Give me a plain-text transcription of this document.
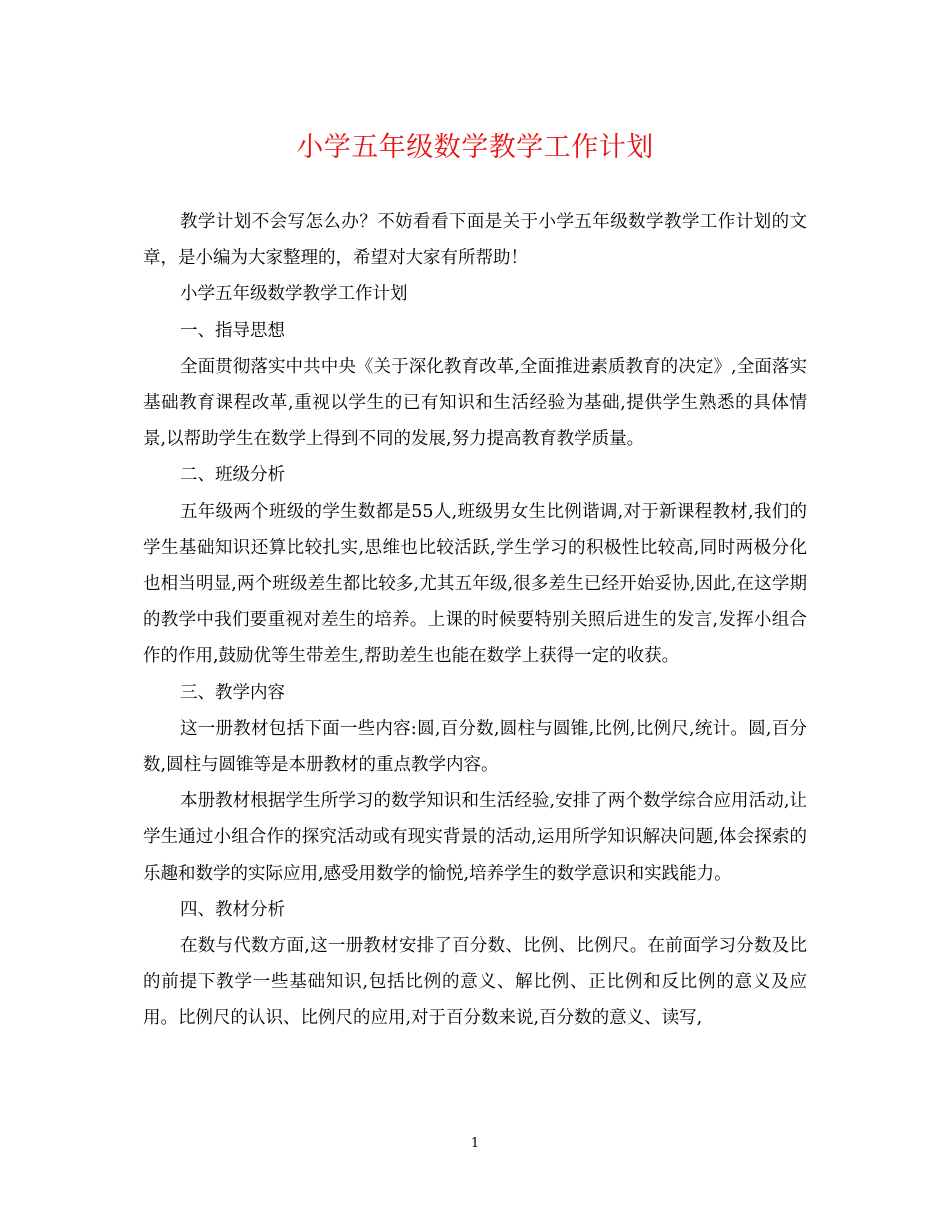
小学五年级数学教学工作计划

教学计划不会写怎么办？不妨看看下面是关于小学五年级数学教学工作计划的文章，是小编为大家整理的，希望对大家有所帮助！

小学五年级数学教学工作计划

一、指导思想

全面贯彻落实中共中央《关于深化教育改革,全面推进素质教育的决定》,全面落实基础教育课程改革,重视以学生的已有知识和生活经验为基础,提供学生熟悉的具体情景,以帮助学生在数学上得到不同的发展,努力提高教育教学质量。

二、班级分析

五年级两个班级的学生数都是55人,班级男女生比例谐调,对于新课程教材,我们的学生基础知识还算比较扎实,思维也比较活跃,学生学习的积极性比较高,同时两极分化也相当明显,两个班级差生都比较多,尤其五年级,很多差生已经开始妥协,因此,在这学期的教学中我们要重视对差生的培养。上课的时候要特别关照后进生的发言,发挥小组合作的作用,鼓励优等生带差生,帮助差生也能在数学上获得一定的收获。

三、教学内容

这一册教材包括下面一些内容:圆,百分数,圆柱与圆锥,比例,比例尺,统计。圆,百分数,圆柱与圆锥等是本册教材的重点教学内容。

本册教材根据学生所学习的数学知识和生活经验,安排了两个数学综合应用活动,让学生通过小组合作的探究活动或有现实背景的活动,运用所学知识解决问题,体会探索的乐趣和数学的实际应用,感受用数学的愉悦,培养学生的数学意识和实践能力。

四、教材分析

在数与代数方面,这一册教材安排了百分数、比例、比例尺。在前面学习分数及比的前提下教学一些基础知识,包括比例的意义、解比例、正比例和反比例的意义及应用。比例尺的认识、比例尺的应用,对于百分数来说,百分数的意义、读写,

1
